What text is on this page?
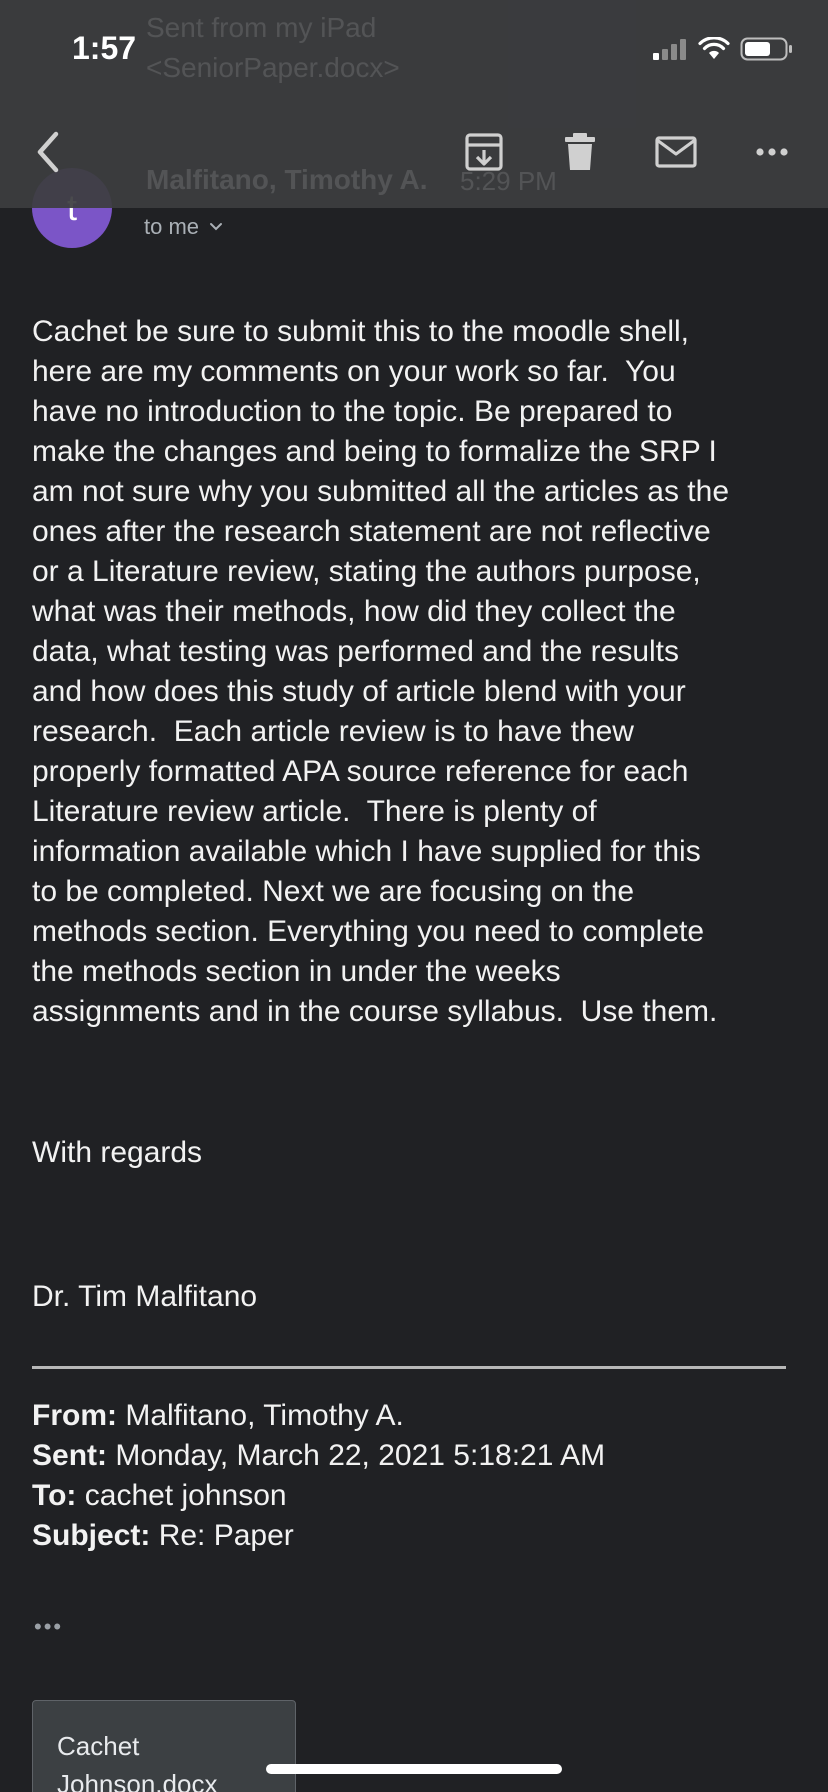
Sent from my iPad
<SeniorPaper.docx>
Malfitano, Timothy A. 5:29 PM
1:57
to me
Cachet be sure to submit this to the moodle shell,
here are my comments on your work so far.  You
have no introduction to the topic. Be prepared to
make the changes and being to formalize the SRP I
am not sure why you submitted all the articles as the
ones after the research statement are not reflective
or a Literature review, stating the authors purpose,
what was their methods, how did they collect the
data, what testing was performed and the results
and how does this study of article blend with your
research.  Each article review is to have thew
properly formatted APA source reference for each
Literature review article.  There is plenty of
information available which I have supplied for this
to be completed. Next we are focusing on the
methods section. Everything you need to complete
the methods section in under the weeks
assignments and in the course syllabus.  Use them.
With regards
Dr. Tim Malfitano
From: Malfitano, Timothy A.
Sent: Monday, March 22, 2021 5:18:21 AM
To: cachet johnson
Subject: Re: Paper
•••
Cachet Johnson.docx
